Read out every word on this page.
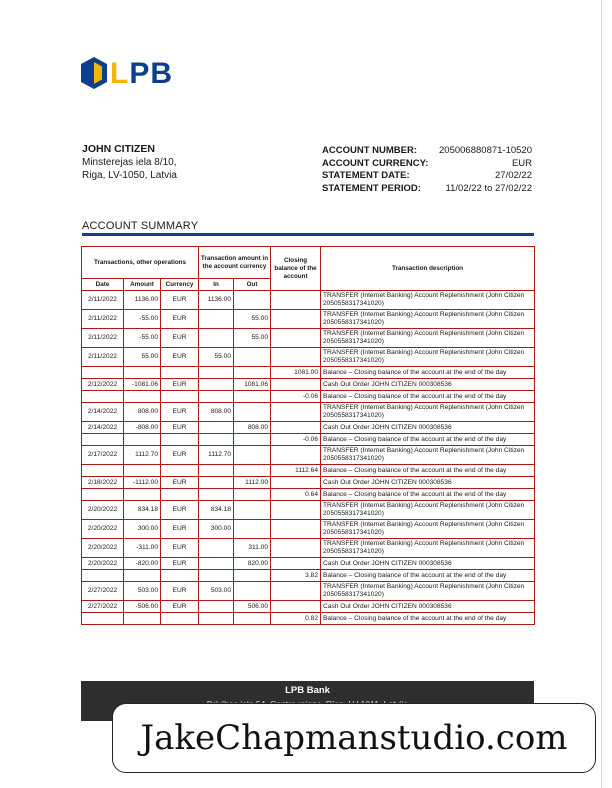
LPB
JOHN CITIZEN
Minsterejas iela 8/10,
Riga, LV-1050, Latvia
ACCOUNT NUMBER: 205006880871-10520
ACCOUNT CURRENCY:	EUR
STATEMENT DATE:	27/02/22
STATEMENT PERIOD:	11/02/22 to 27/02/22
ACCOUNT SUMMARY
Transactions, other operations			Transaction amount in the account currency		Closing balance of the account	Transaction description
Date	Amount	Currency	In	Out		
2/11/2022	1136.00	EUR	1136.00			TRANSFER (Internet Banking) Account Replenishment (John Citizen 2050558317341020)
2/11/2022	-55.00	EUR		55.00		TRANSFER (Internet Banking) Account Replenishment (John Citizen 2050558317341020)
2/11/2022	-55.00	EUR		55.00		TRANSFER (Internet Banking) Account Replenishment (John Citizen 2050558317341020)
2/11/2022	55.00	EUR	55.00			TRANSFER (Internet Banking) Account Replenishment (John Citizen 2050558317341020)
					1081.00	Balance – Closing balance of the account at the end of the day
2/12/2022	-1081.06	EUR		1081.06		Cash Out Order JOHN CITIZEN 000308536
					-0.06	Balance – Closing balance of the account at the end of the day
2/14/2022	808.00	EUR	808.00			TRANSFER (Internet Banking) Account Replenishment (John Citizen 2050558317341020)
2/14/2022	-808.00	EUR		808.00		Cash Out Order JOHN CITIZEN 000308536
					-0.06	Balance – Closing balance of the account at the end of the day
2/17/2022	1112.70	EUR	1112.70			TRANSFER (Internet Banking) Account Replenishment (John Citizen 2050558317341020)
					1112.64	Balance – Closing balance of the account at the end of the day
2/18/2022	-1112.00	EUR		1112.00		Cash Out Order JOHN CITIZEN 000308536
					0.64	Balance – Closing balance of the account at the end of the day
2/20/2022	834.18	EUR	834.18			TRANSFER (Internet Banking) Account Replenishment (John Citizen 2050558317341020)
2/20/2022	300.00	EUR	300.00			TRANSFER (Internet Banking) Account Replenishment (John Citizen 2050558317341020)
2/20/2022	-311.00	EUR		311.00		TRANSFER (Internet Banking) Account Replenishment (John Citizen 2050558317341020)
2/20/2022	-820.00	EUR		820.00		Cash Out Order JOHN CITIZEN 000308536
					3.82	Balance – Closing balance of the account at the end of the day
2/27/2022	503.00	EUR	503.00			TRANSFER (Internet Banking) Account Replenishment (John Citizen 2050558317341020)
2/27/2022	-506.00	EUR		506.00		Cash Out Order JOHN CITIZEN 000308536
					0.82	Balance – Closing balance of the account at the end of the day
LPB Bank
JakeChapmanstudio.com
